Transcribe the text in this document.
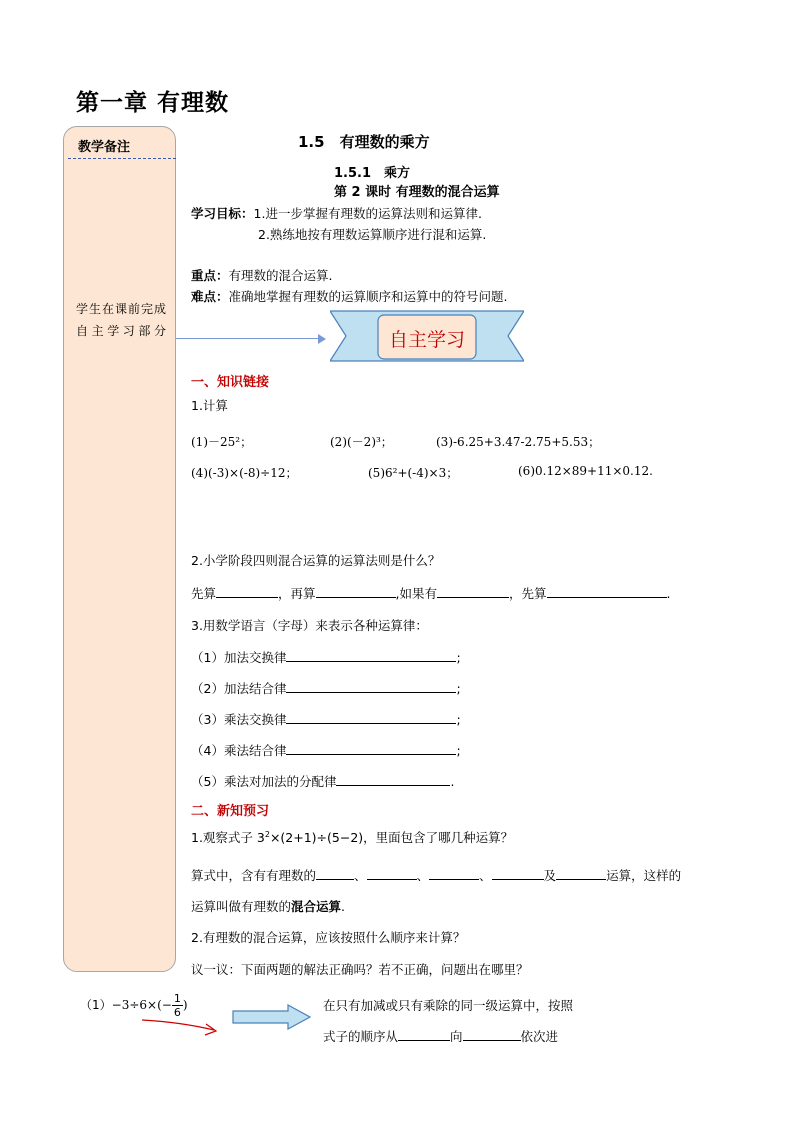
第一章 有理数
教学备注
学生在课前完成自主学习部分
1.5　有理数的乘方
1.5.1　乘方
第 2 课时 有理数的混合运算
学习目标：1.进一步掌握有理数的运算法则和运算律.
2.熟练地按有理数运算顺序进行混和运算.
重点：有理数的混合运算.
难点：准确地掌握有理数的运算顺序和运算中的符号问题.
自主学习
一、知识链接
1.计算
(1)－25²；	(2)(－2)³；	(3)-6.25+3.47-2.75+5.53；
(4)(-3)×(-8)÷12；	(5)6²+(-4)×3；	(6)0.12×89+11×0.12.
2.小学阶段四则混合运算的运算法则是什么？
先算	，再算	,如果有	，先算	.
3.用数学语言（字母）来表示各种运算律：
（1）加法交换律	;
（2）加法结合律	;
（3）乘法交换律	;
（4）乘法结合律	;
（5）乘法对加法的分配律	.
二、新知预习
1.观察式子 $3^2\times(2+1)\div(5-2)$，里面包含了哪几种运算？
算式中，含有有理数的	、	、	、	及	运算，这样的
运算叫做有理数的混合运算.
2.有理数的混合运算，应该按照什么顺序来计算？
议一议：下面两题的解法正确吗？若不正确，问题出在哪里？
$(1)-3\div 6\times(- \frac{1}{6}$ )	在只有加减或只有乘除的同一级运算中，按照
式子的顺序从	向	依次进
